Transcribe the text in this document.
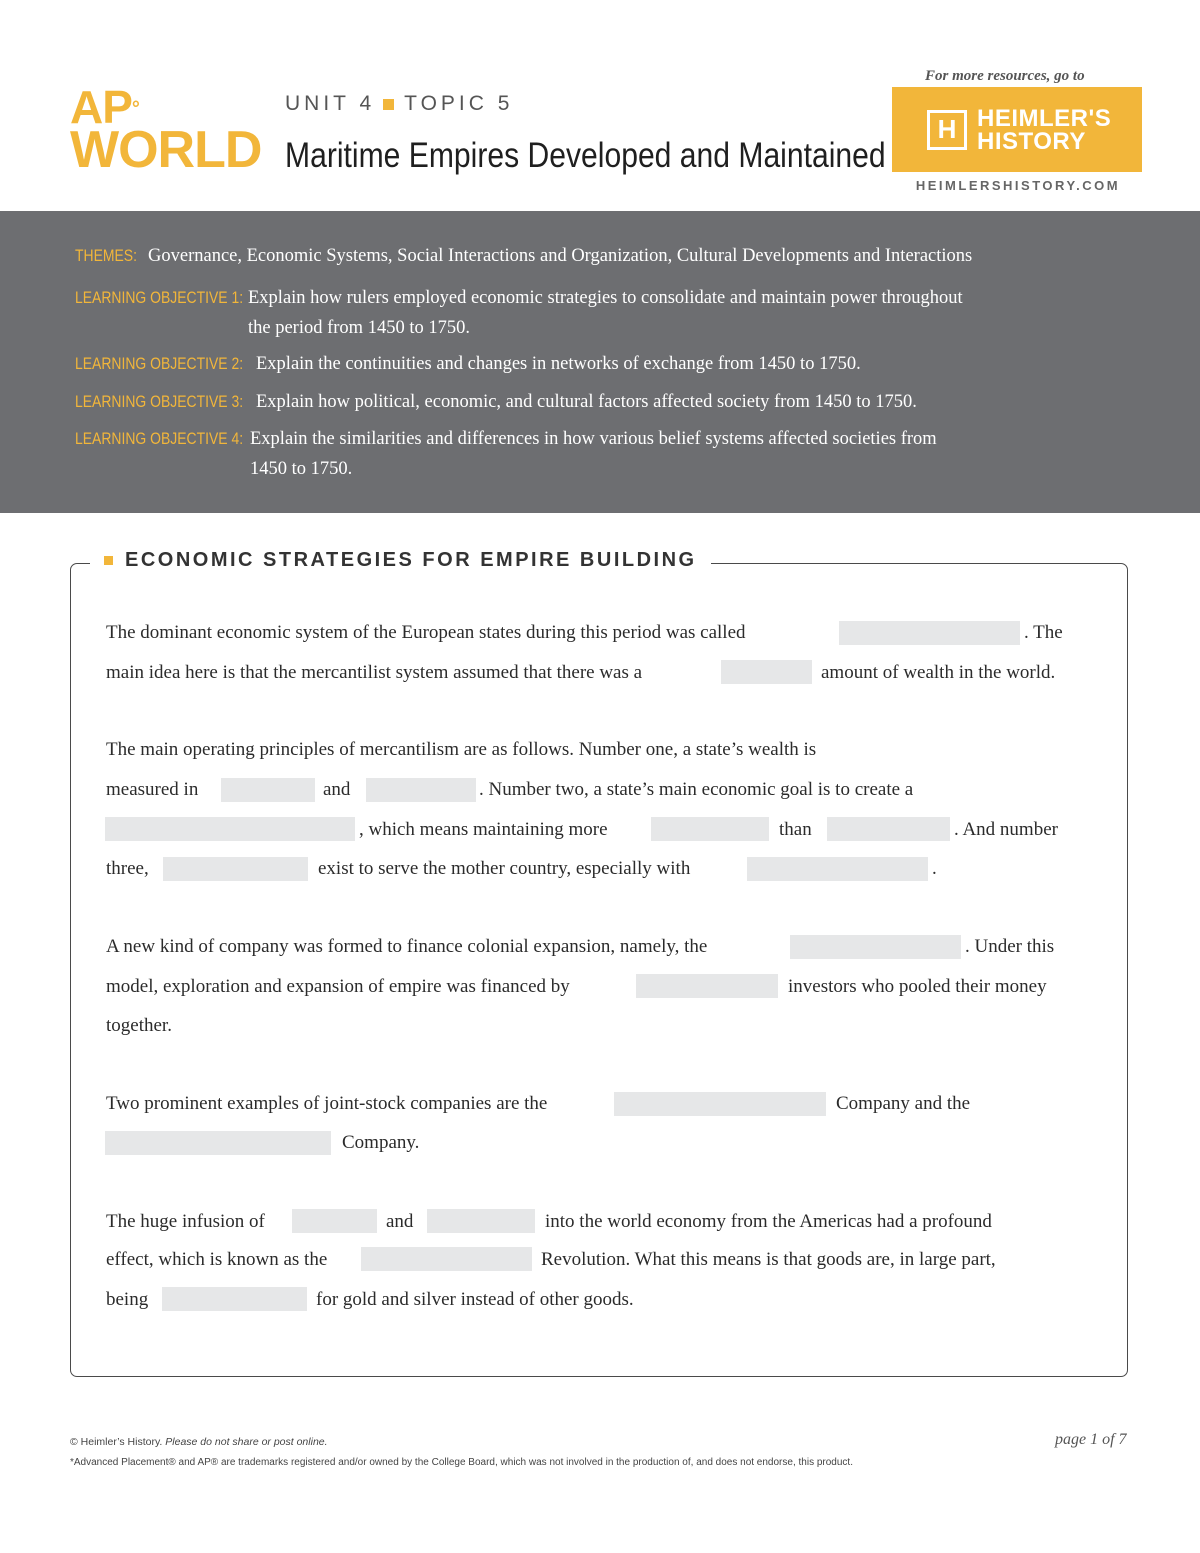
AP°
WORLD
UNIT 4 TOPIC 5
Maritime Empires Developed and Maintained
For more resources, go to
H HEIMLER'S
HISTORY
HEIMLERSHISTORY.COM
THEMES: Governance, Economic Systems, Social Interactions and Organization, Cultural Developments and Interactions
LEARNING OBJECTIVE 1: Explain how rulers employed economic strategies to consolidate and maintain power throughout
the period from 1450 to 1750.
LEARNING OBJECTIVE 2: Explain the continuities and changes in networks of exchange from 1450 to 1750.
LEARNING OBJECTIVE 3: Explain how political, economic, and cultural factors affected society from 1450 to 1750.
LEARNING OBJECTIVE 4: Explain the similarities and differences in how various belief systems affected societies from
1450 to 1750.
ECONOMIC STRATEGIES FOR EMPIRE BUILDING
The dominant economic system of the European states during this period was called	. The
main idea here is that the mercantilist system assumed that there was a	amount of wealth in the world.
The main operating principles of mercantilism are as follows. Number one, a state’s wealth is
measured in	and	. Number two, a state’s main economic goal is to create a
, which means maintaining more	than	. And number
three,	exist to serve the mother country, especially with	.
A new kind of company was formed to finance colonial expansion, namely, the	. Under this
model, exploration and expansion of empire was financed by	investors who pooled their money
together.
Two prominent examples of joint-stock companies are the	Company and the
Company.
The huge infusion of	and	into the world economy from the Americas had a profound
effect, which is known as the	Revolution. What this means is that goods are, in large part,
being	for gold and silver instead of other goods.
© Heimler’s History. Please do not share or post online.
*Advanced Placement® and AP® are trademarks registered and/or owned by the College Board, which was not involved in the production of, and does not endorse, this product.
page 1 of 7
